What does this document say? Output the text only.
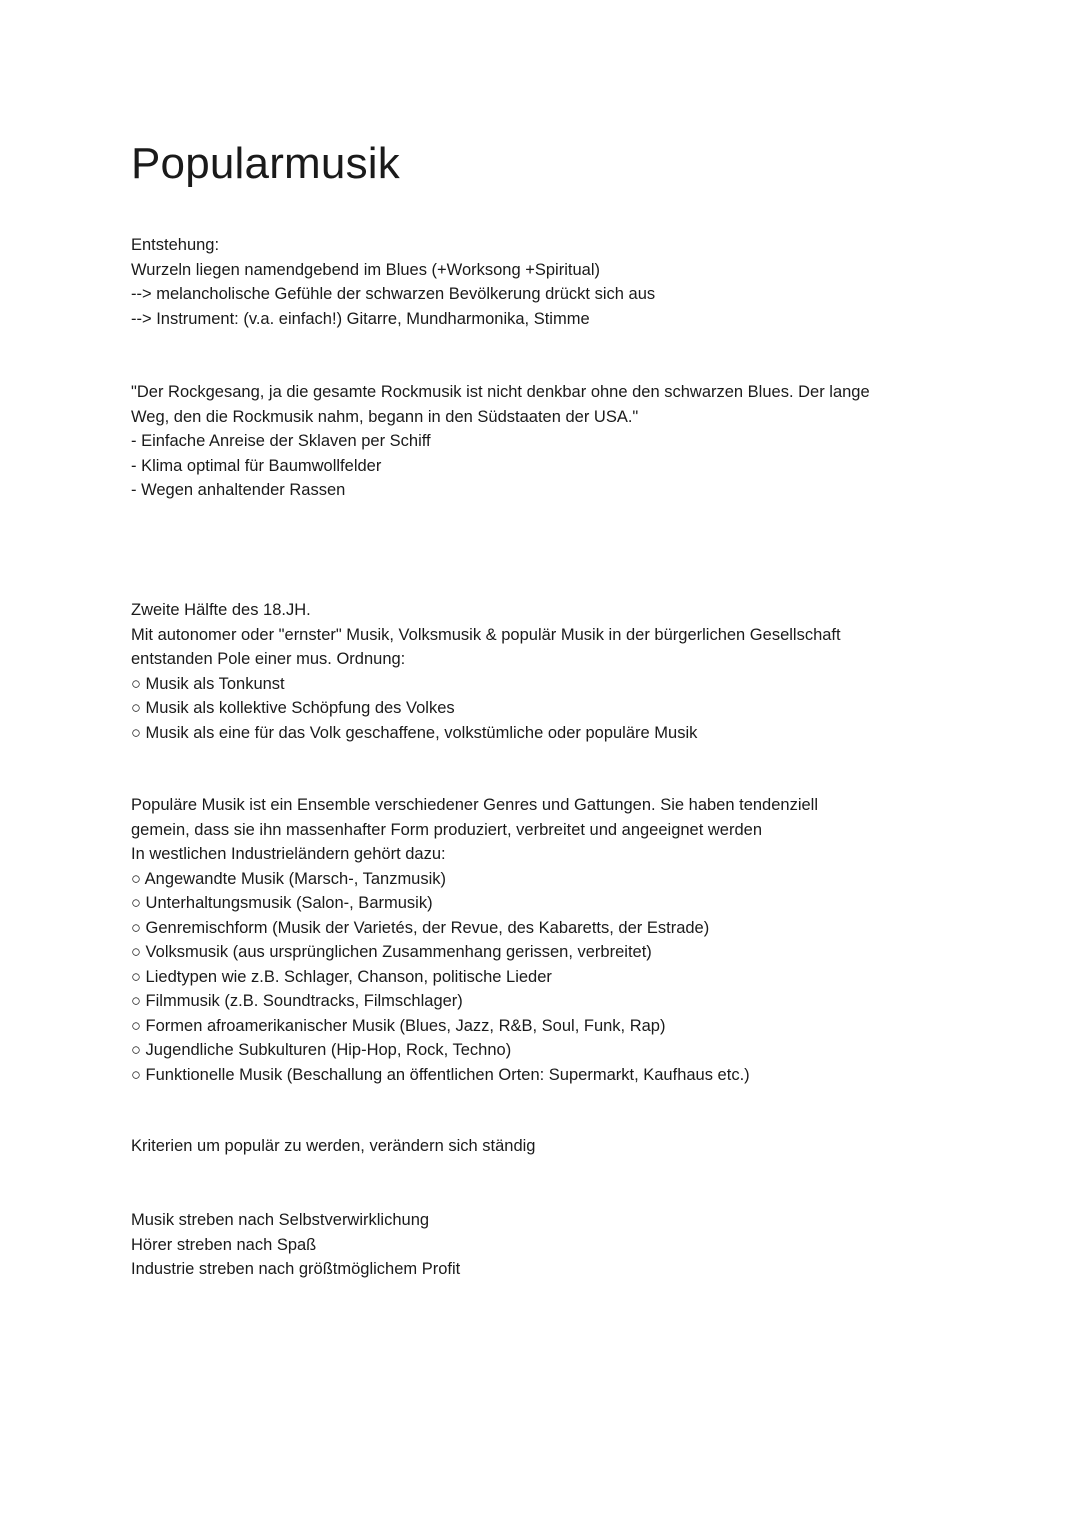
Popularmusik
Entstehung:
Wurzeln liegen namendgebend im Blues (+Worksong +Spiritual)
--> melancholische Gefühle der schwarzen Bevölkerung drückt sich aus
--> Instrument: (v.a. einfach!) Gitarre, Mundharmonika, Stimme
"Der Rockgesang, ja die gesamte Rockmusik ist nicht denkbar ohne den schwarzen Blues. Der lange
Weg, den die Rockmusik nahm, begann in den Südstaaten der USA."
- Einfache Anreise der Sklaven per Schiff
- Klima optimal für Baumwollfelder
- Wegen anhaltender Rassen
Zweite Hälfte des 18.JH.
Mit autonomer oder "ernster" Musik, Volksmusik & populär Musik in der bürgerlichen Gesellschaft
entstanden Pole einer mus. Ordnung:
○ Musik als Tonkunst
○ Musik als kollektive Schöpfung des Volkes
○ Musik als eine für das Volk geschaffene, volkstümliche oder populäre Musik
Populäre Musik ist ein Ensemble verschiedener Genres und Gattungen. Sie haben tendenziell
gemein, dass sie ihn massenhafter Form produziert, verbreitet und angeeignet werden
In westlichen Industrieländern gehört dazu:
○ Angewandte Musik (Marsch-, Tanzmusik)
○ Unterhaltungsmusik (Salon-, Barmusik)
○ Genremischform (Musik der Varietés, der Revue, des Kabaretts, der Estrade)
○ Volksmusik (aus ursprünglichen Zusammenhang gerissen, verbreitet)
○ Liedtypen wie z.B. Schlager, Chanson, politische Lieder
○ Filmmusik (z.B. Soundtracks, Filmschlager)
○ Formen afroamerikanischer Musik (Blues, Jazz, R&B, Soul, Funk, Rap)
○ Jugendliche Subkulturen (Hip-Hop, Rock, Techno)
○ Funktionelle Musik (Beschallung an öffentlichen Orten: Supermarkt, Kaufhaus etc.)
Kriterien um populär zu werden, verändern sich ständig
Musik streben nach Selbstverwirklichung
Hörer streben nach Spaß
Industrie streben nach größtmöglichem Profit
